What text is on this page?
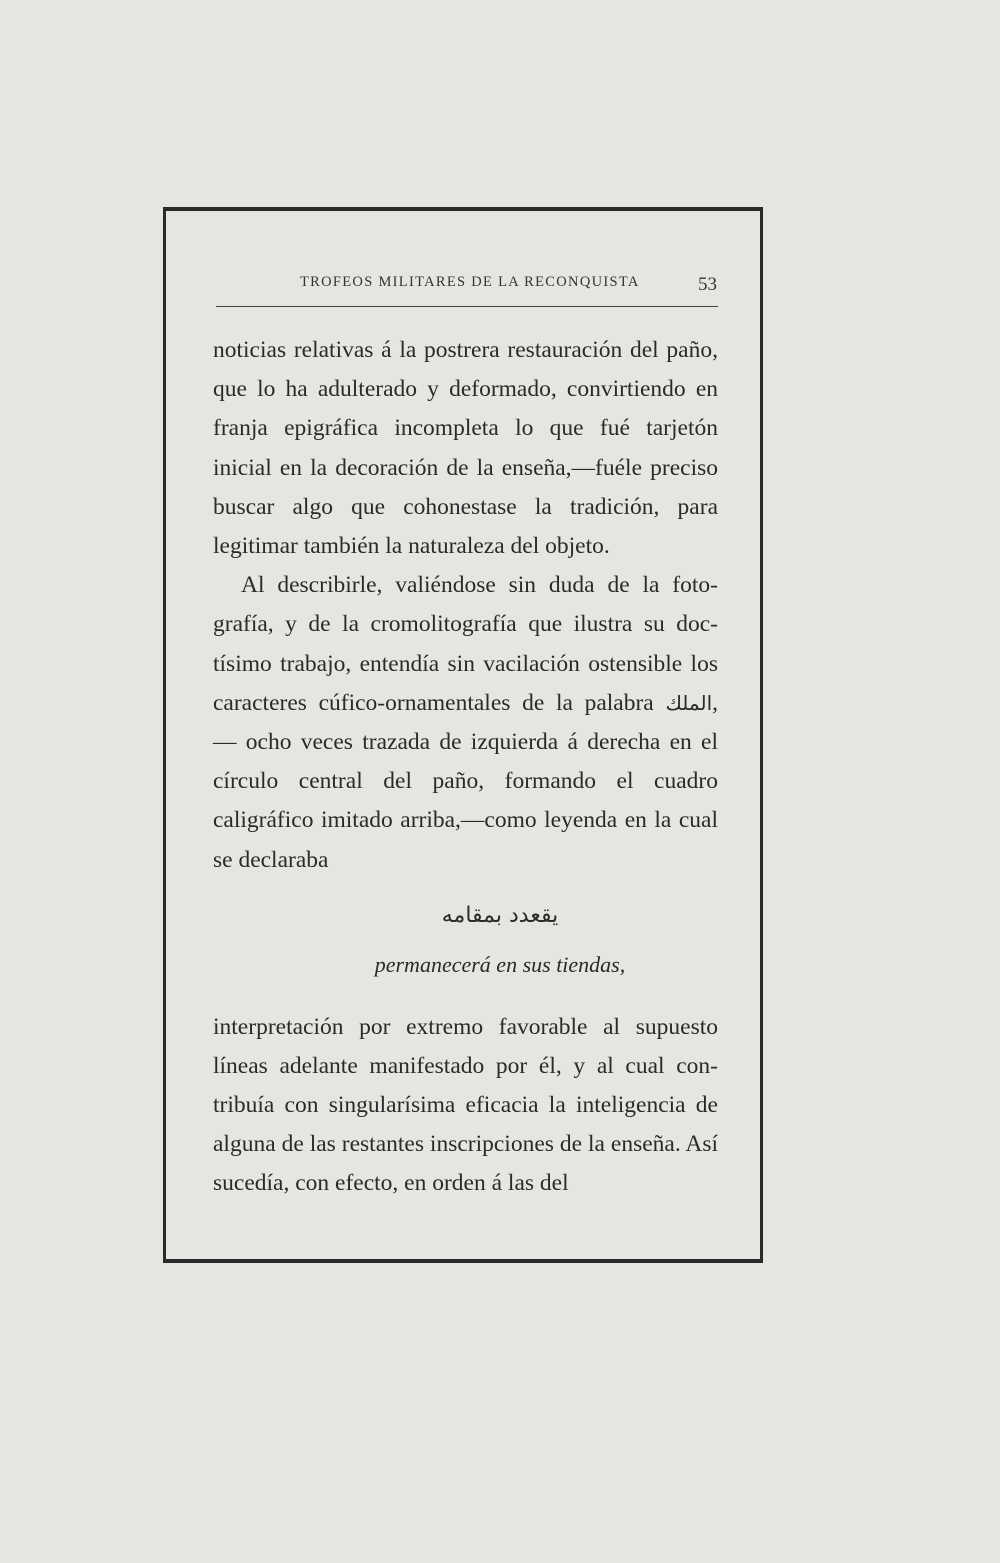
TROFEOS MILITARES DE LA RECONQUISTA	53

noticias relativas á la postrera restauración del paño, que lo ha adulterado y deformado, convirtiendo en franja epigráfica incompleta lo que fué tarjetón inicial en la decoración de la enseña,—fuéle preciso buscar algo que cohonestase la tradición, para legitimar también la naturaleza del objeto.

Al describirle, valiéndose sin duda de la fotografía, y de la cromolitografía que ilustra su doctísimo trabajo, entendía sin vacilación ostensible los caracteres cúfico-ornamentales de la palabra الملك, — ocho veces trazada de izquierda á derecha en el círculo central del paño, formando el cuadro caligráfico imitado arriba,—como leyenda en la cual se declaraba

يقعدد بمقامه
permanecerá en sus tiendas,

interpretación por extremo favorable al supuesto líneas adelante manifestado por él, y al cual contribuía con singularísima eficacia la inteligencia de alguna de las restantes inscripciones de la enseña. Así sucedía, con efecto, en orden á las del
